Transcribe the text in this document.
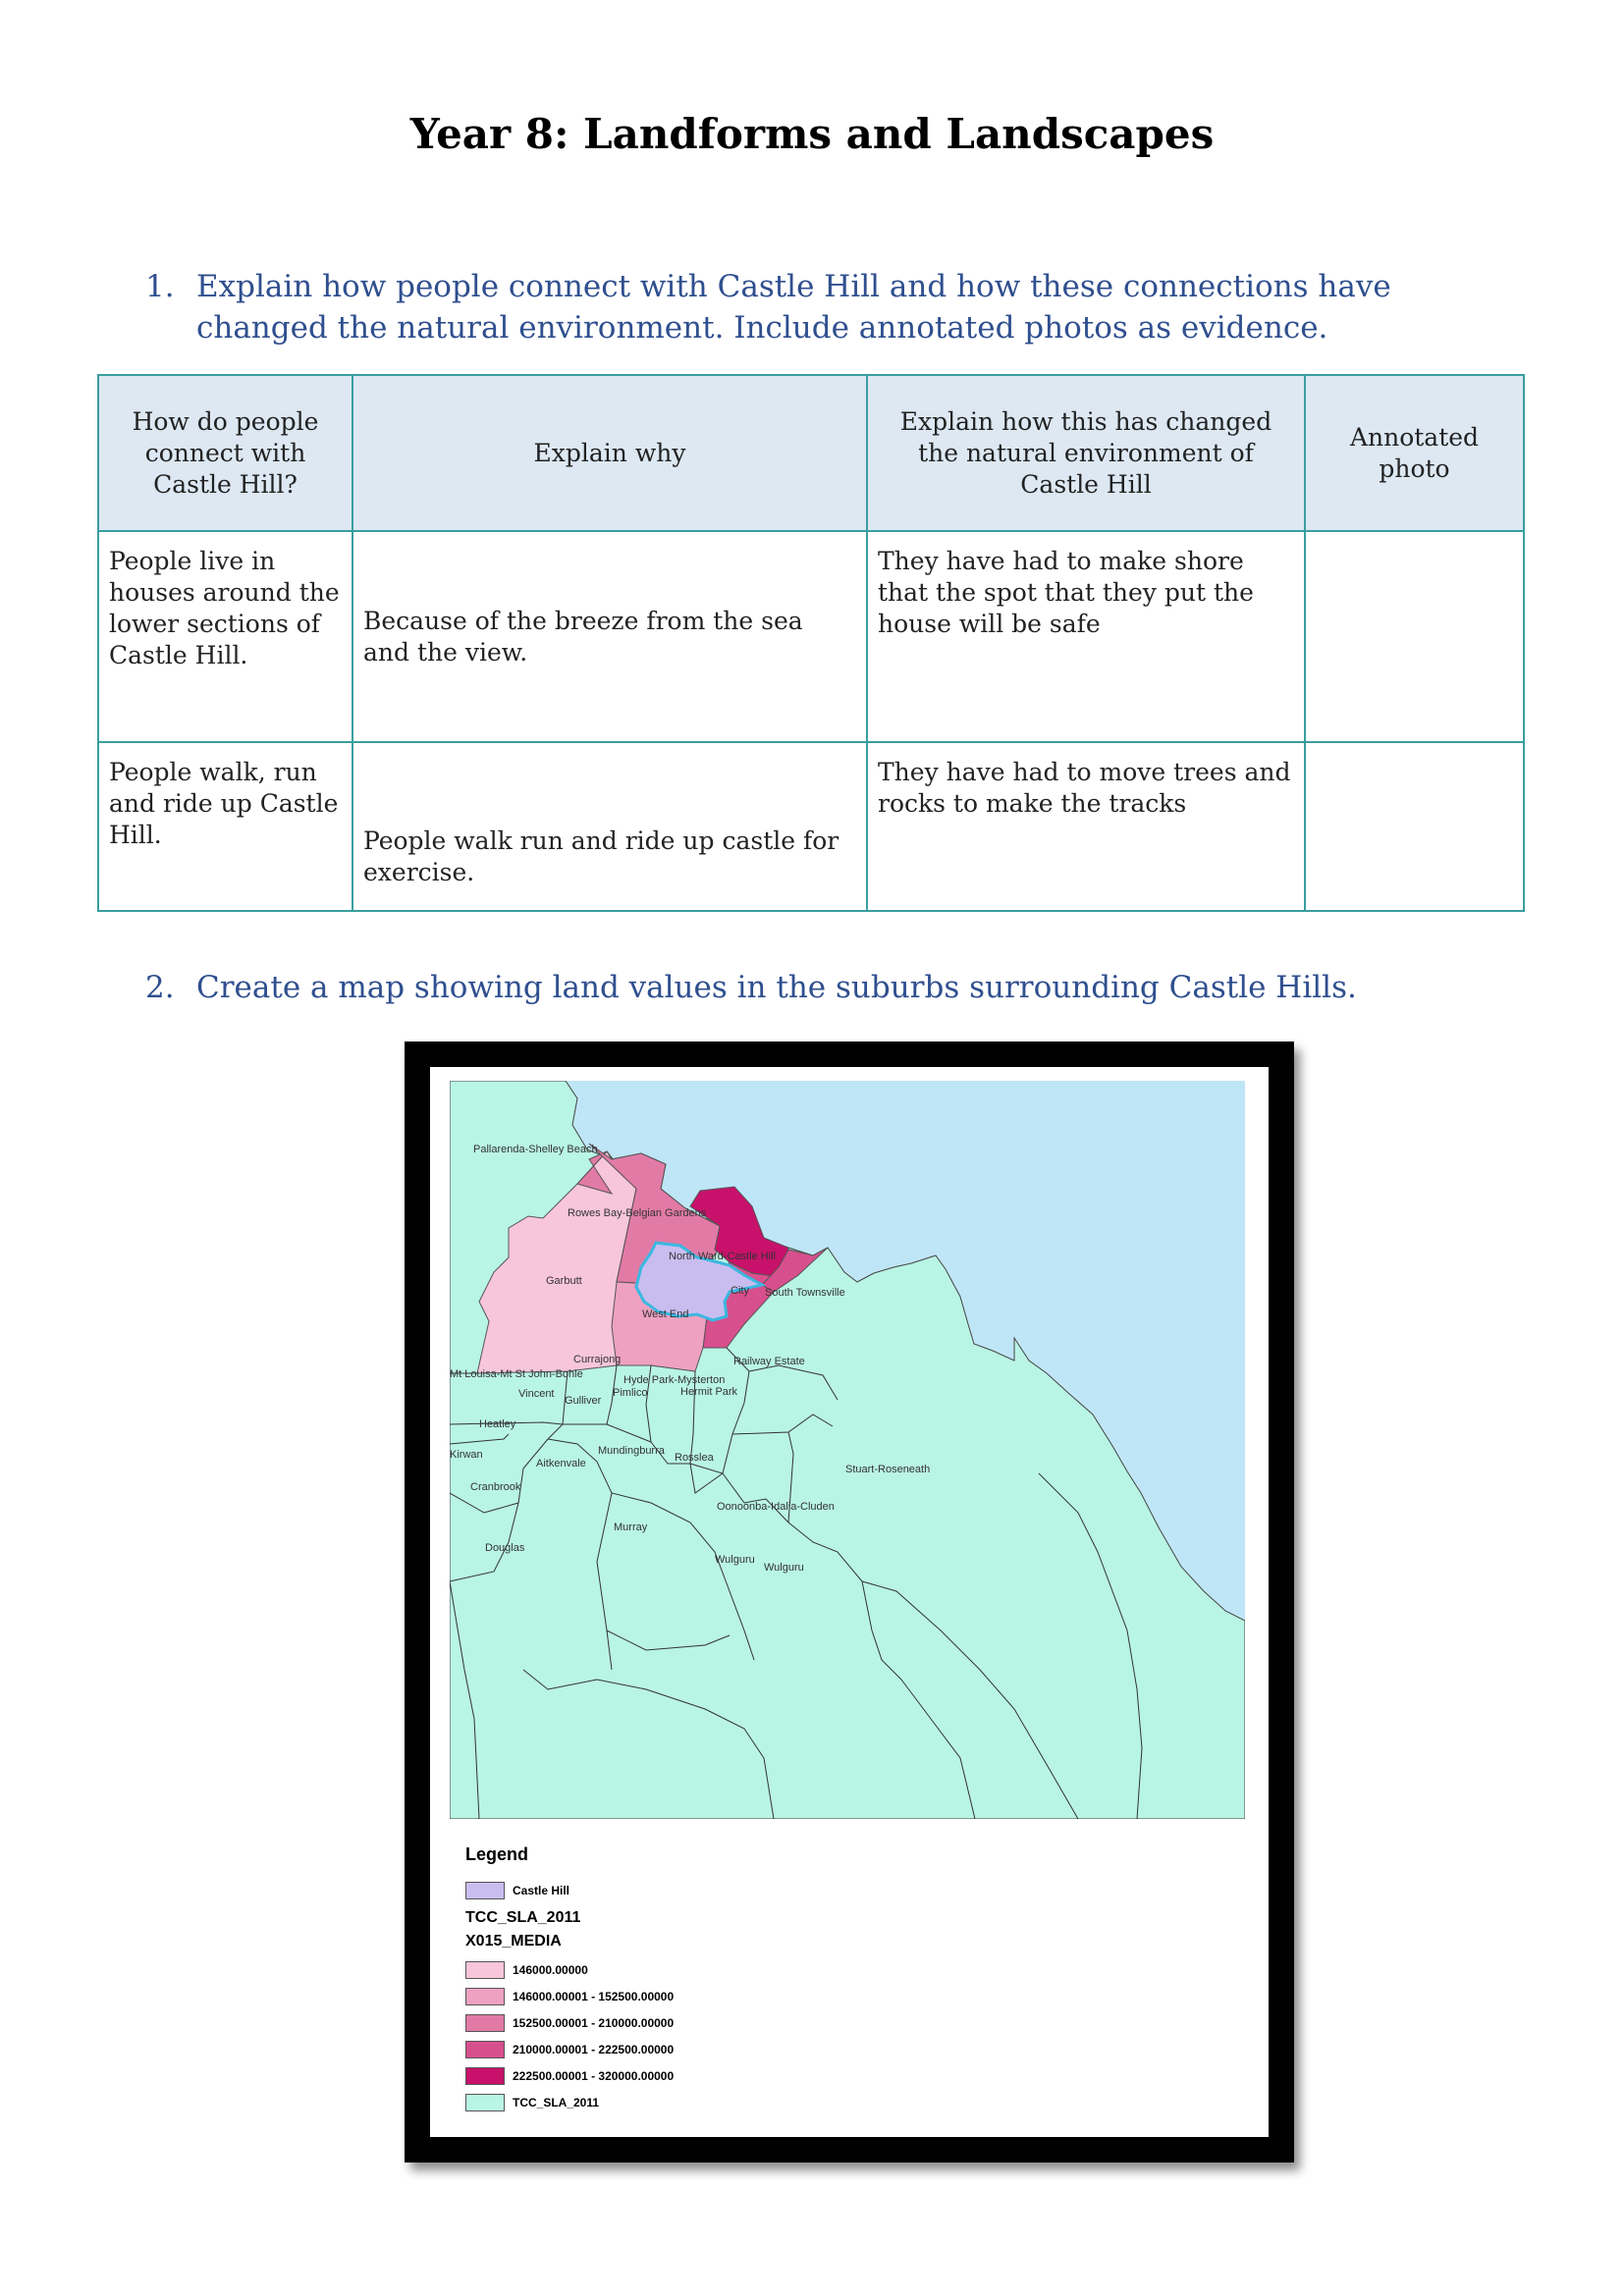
Year 8: Landforms and Landscapes
1. Explain how people connect with Castle Hill and how these connections have changed the natural environment. Include annotated photos as evidence.
How do people connect with Castle Hill?	Explain why	Explain how this has changed the natural environment of Castle Hill	Annotated photo
People live in houses around the lower sections of Castle Hill.	Because of the breeze from the sea and the view.	They have had to make shore that the spot that they put the house will be safe	
People walk, run and ride up Castle Hill.	People walk run and ride up castle for exercise.	They have had to move trees and rocks to make the tracks	
2. Create a map showing land values in the suburbs surrounding Castle Hills.
Pallarenda-Shelley Beach
Rowes Bay-Belgian Gardens
North Ward-Castle Hill
Garbutt
City South Townsville
West End
Currajong	Railway Estate
Mt Louisa-Mt St John-Bohle	Hyde Park-Mysterton
Pimlico	Hermit Park
Vincent
Gulliver
Heatley
Mundingburra
Rosslea
Kirwan
Aitkenvale	Stuart-Roseneath
Cranbrook
Oonoonba-Idalia-Cluden
Murray
Douglas
Wulguru
Wulguru
Legend
Castle Hill
TCC_SLA_2011
X015_MEDIA
146000.00000
146000.00001 - 152500.00000
152500.00001 - 210000.00000
210000.00001 - 222500.00000
222500.00001 - 320000.00000
TCC_SLA_2011
